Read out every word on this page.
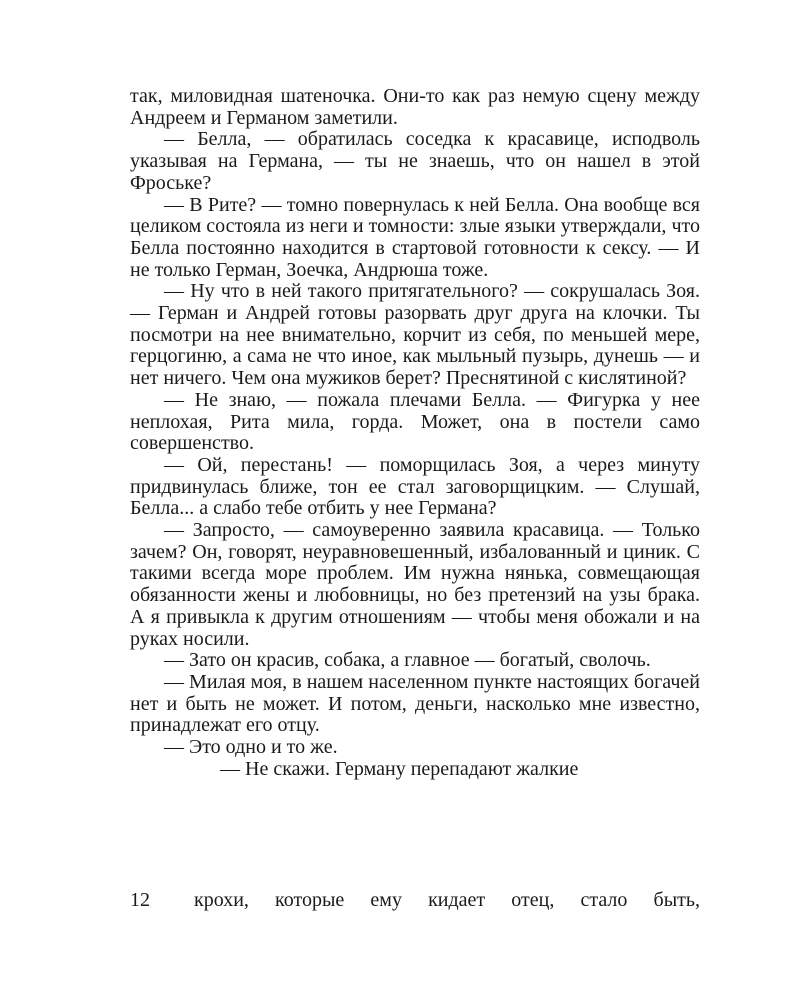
так, миловидная шатеночка. Они-то как раз немую сцену между Андреем и Германом заметили.

— Белла, — обратилась соседка к красавице, исподволь указывая на Германа, — ты не знаешь, что он нашел в этой Фроське?

— В Рите? — томно повернулась к ней Белла. Она вообще вся целиком состояла из неги и томности: злые языки утверждали, что Белла постоянно находится в стартовой готовности к сексу. — И не только Герман, Зоечка, Андрюша тоже.

— Ну что в ней такого притягательного? — сокрушалась Зоя. — Герман и Андрей готовы разорвать друг друга на клочки. Ты посмотри на нее внимательно, корчит из себя, по меньшей мере, герцогиню, а сама не что иное, как мыльный пузырь, дунешь — и нет ничего. Чем она мужиков берет? Преснятиной с кислятиной?

— Не знаю, — пожала плечами Белла. — Фигурка у нее неплохая, Рита мила, горда. Может, она в постели само совершенство.

— Ой, перестань! — поморщилась Зоя, а через минуту придвинулась ближе, тон ее стал заговорщицким. — Слушай, Белла... а слабо тебе отбить у нее Германа?

— Запросто, — самоуверенно заявила красавица. — Только зачем? Он, говорят, неуравновешенный, избалованный и циник. С такими всегда море проблем. Им нужна нянька, совмещающая обязанности жены и любовницы, но без претензий на узы брака. А я привыкла к другим отношениям — чтобы меня обожали и на руках носили.

— Зато он красив, собака, а главное — богатый, сволочь.

— Милая моя, в нашем населенном пункте настоящих богачей нет и быть не может. И потом, деньги, насколько мне известно, принадлежат его отцу.

— Это одно и то же.

— Не скажи. Герману перепадают жалкие

12 крохи, которые ему кидает отец, стало быть,
